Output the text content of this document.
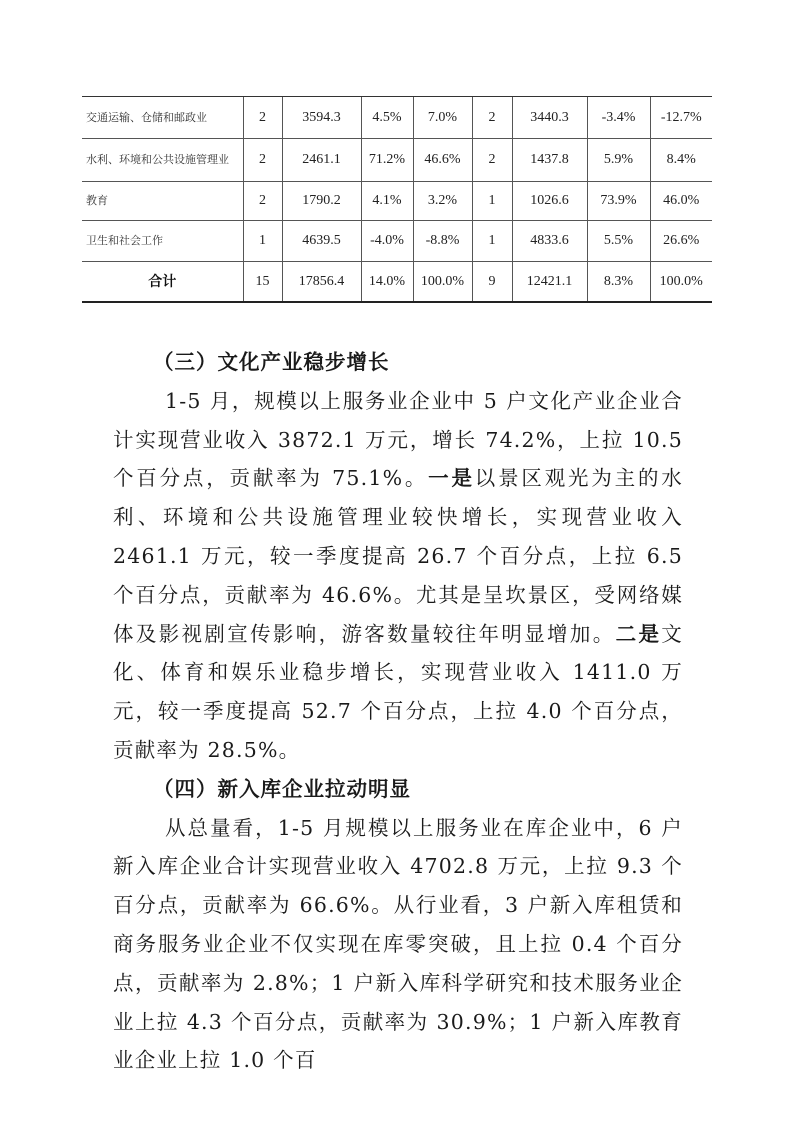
交通运输、仓储和邮政业	2	3594.3	4.5%	7.0%	2	3440.3	-3.4%	-12.7%
水利、环境和公共设施管理业	2	2461.1	71.2%	46.6%	2	1437.8	5.9%	8.4%
教育	2	1790.2	4.1%	3.2%	1	1026.6	73.9%	46.0%
卫生和社会工作	1	4639.5	-4.0%	-8.8%	1	4833.6	5.5%	26.6%
合计	15	17856.4	14.0%	100.0%	9	12421.1	8.3%	100.0%
（三）文化产业稳步增长

1-5 月，规模以上服务业企业中 5 户文化产业企业合计实现营业收入 3872.1 万元，增长 74.2%，上拉 10.5 个百分点，贡献率为 75.1%。一是以景区观光为主的水利、环境和公共设施管理业较快增长，实现营业收入 2461.1 万元，较一季度提高 26.7 个百分点，上拉 6.5 个百分点，贡献率为 46.6%。尤其是呈坎景区，受网络媒体及影视剧宣传影响，游客数量较往年明显增加。二是文化、体育和娱乐业稳步增长，实现营业收入 1411.0 万元，较一季度提高 52.7 个百分点，上拉 4.0 个百分点，贡献率为 28.5%。

（四）新入库企业拉动明显

从总量看，1-5 月规模以上服务业在库企业中，6 户新入库企业合计实现营业收入 4702.8 万元，上拉 9.3 个百分点，贡献率为 66.6%。从行业看，3 户新入库租赁和商务服务业企业不仅实现在库零突破，且上拉 0.4 个百分点，贡献率为 2.8%；1 户新入库科学研究和技术服务业企业上拉 4.3 个百分点，贡献率为 30.9%；1 户新入库教育业企业上拉 1.0 个百
